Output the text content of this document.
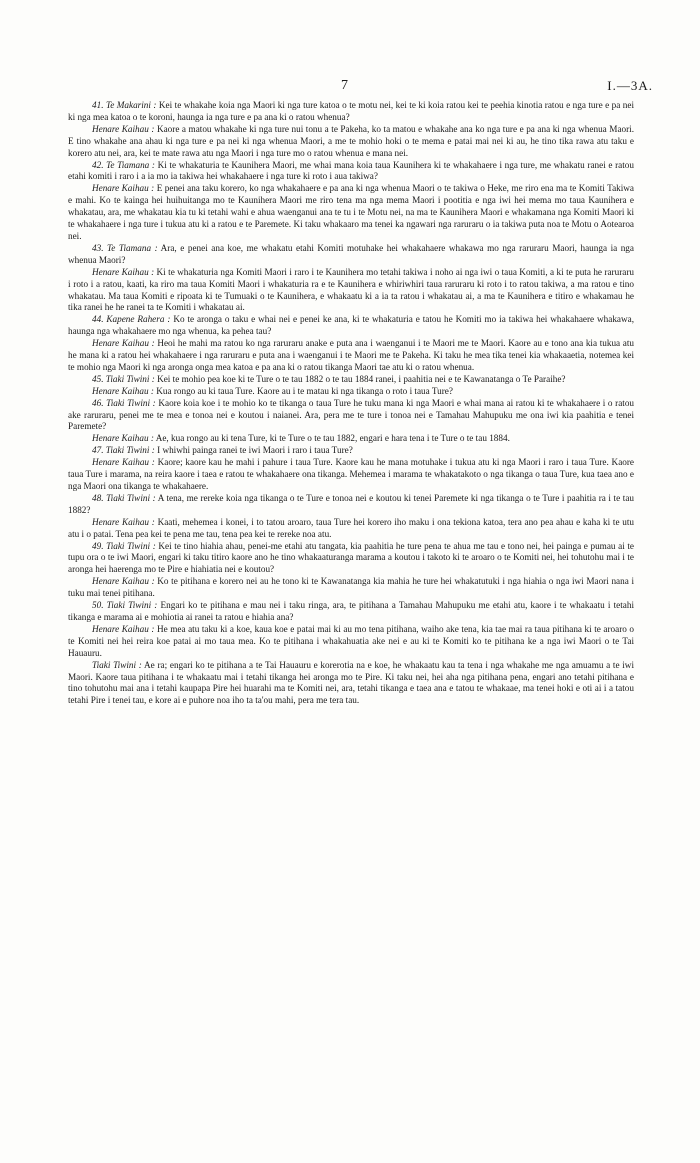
7	I.—3A.

41. Te Makarini : Kei te whakahe koia nga Maori ki nga ture katoa o te motu nei, kei te ki koia ratou kei te peehia kinotia ratou e nga ture e pa nei ki nga mea katoa o te koroni, haunga ia nga ture e pa ana ki o ratou whenua?

Henare Kaihau : Kaore a matou whakahe ki nga ture nui tonu a te Pakeha, ko ta matou e whakahe ana ko nga ture e pa ana ki nga whenua Maori. E tino whakahe ana ahau ki nga ture e pa nei ki nga whenua Maori, a me te mohio hoki o te mema e patai mai nei ki au, he tino tika rawa atu taku e korero atu nei, ara, kei te mate rawa atu nga Maori i nga ture mo o ratou whenua e mana nei.

42. Te Tiamana : Ki te whakaturia te Kaunihera Maori, me whai mana koia taua Kaunihera ki te whakahaere i nga ture, me whakatu ranei e ratou etahi komiti i raro i a ia mo ia takiwa hei whakahaere i nga ture ki roto i aua takiwa?

Henare Kaihau : E penei ana taku korero, ko nga whakahaere e pa ana ki nga whenua Maori o te takiwa o Heke, me riro ena ma te Komiti Takiwa e mahi. Ko te kainga hei huihuitanga mo te Kaunihera Maori me riro tena ma nga mema Maori i pootitia e nga iwi hei mema mo taua Kaunihera e whakatau, ara, me whakatau kia tu ki tetahi wahi e ahua waenganui ana te tu i te Motu nei, na ma te Kaunihera Maori e whakamana nga Komiti Maori ki te whakahaere i nga ture i tukua atu ki a ratou e te Paremete. Ki taku whakaaro ma tenei ka ngawari nga raruraru o ia takiwa puta noa te Motu o Aotearoa nei.

43. Te Tiamana : Ara, e penei ana koe, me whakatu etahi Komiti motuhake hei whakahaere whakawa mo nga raruraru Maori, haunga ia nga whenua Maori?

Henare Kaihau : Ki te whakaturia nga Komiti Maori i raro i te Kaunihera mo tetahi takiwa i noho ai nga iwi o taua Komiti, a ki te puta he raruraru i roto i a ratou, kaati, ka riro ma taua Komiti Maori i whakaturia ra e te Kaunihera e whiriwhiri taua raruraru ki roto i to ratou takiwa, a ma ratou e tino whakatau. Ma taua Komiti e ripoata ki te Tumuaki o te Kaunihera, e whakaatu ki a ia ta ratou i whakatau ai, a ma te Kaunihera e titiro e whakamau he tika ranei he he ranei ta te Komiti i whakatau ai.

44. Kapene Rahera : Ko te aronga o taku e whai nei e penei ke ana, ki te whakaturia e tatou he Komiti mo ia takiwa hei whakahaere whakawa, haunga nga whakahaere mo nga whenua, ka pehea tau?

Henare Kaihau : Heoi he mahi ma ratou ko nga raruraru anake e puta ana i waenganui i te Maori me te Maori. Kaore au e tono ana kia tukua atu he mana ki a ratou hei whakahaere i nga raruraru e puta ana i waenganui i te Maori me te Pakeha. Ki taku he mea tika tenei kia whakaaetia, notemea kei te mohio nga Maori ki nga aronga onga mea katoa e pa ana ki o ratou tikanga Maori tae atu ki o ratou whenua.

45. Tiaki Tiwini : Kei te mohio pea koe ki te Ture o te tau 1882 o te tau 1884 ranei, i paahitia nei e te Kawanatanga o Te Paraihe?

Henare Kaihau : Kua rongo au ki taua Ture. Kaore au i te matau ki nga tikanga o roto i taua Ture?

46. Tiaki Tiwini : Kaore koia koe i te mohio ko te tikanga o taua Ture he tuku mana ki nga Maori e whai mana ai ratou ki te whakahaere i o ratou ake raruraru, penei me te mea e tonoa nei e koutou i naianei. Ara, pera me te ture i tonoa nei e Tamahau Mahupuku me ona iwi kia paahitia e tenei Paremete?

Henare Kaihau : Ae, kua rongo au ki tena Ture, ki te Ture o te tau 1882, engari e hara tena i te Ture o te tau 1884.

47. Tiaki Tiwini : I whiwhi painga ranei te iwi Maori i raro i taua Ture?

Henare Kaihau : Kaore; kaore kau he mahi i pahure i taua Ture. Kaore kau he mana motuhake i tukua atu ki nga Maori i raro i taua Ture. Kaore taua Ture i marama, na reira kaore i taea e ratou te whakahaere ona tikanga. Mehemea i marama te whakatakoto o nga tikanga o taua Ture, kua taea ano e nga Maori ona tikanga te whakahaere.

48. Tiaki Tiwini : A tena, me rereke koia nga tikanga o te Ture e tonoa nei e koutou ki tenei Paremete ki nga tikanga o te Ture i paahitia ra i te tau 1882?

Henare Kaihau : Kaati, mehemea i konei, i to tatou aroaro, taua Ture hei korero iho maku i ona tekiona katoa, tera ano pea ahau e kaha ki te utu atu i o patai. Tena pea kei te pena me tau, tena pea kei te rereke noa atu.

49. Tiaki Tiwini : Kei te tino hiahia ahau, penei-me etahi atu tangata, kia paahitia he ture pena te ahua me tau e tono nei, hei painga e pumau ai te tupu ora o te iwi Maori, engari ki taku titiro kaore ano he tino whakaaturanga marama a koutou i takoto ki te aroaro o te Komiti nei, hei tohutohu mai i te aronga hei haerenga mo te Pire e hiahiatia nei e koutou?

Henare Kaihau : Ko te pitihana e korero nei au he tono ki te Kawanatanga kia mahia he ture hei whakatutuki i nga hiahia o nga iwi Maori nana i tuku mai tenei pitihana.

50. Tiaki Tiwini : Engari ko te pitihana e mau nei i taku ringa, ara, te pitihana a Tamahau Mahupuku me etahi atu, kaore i te whakaatu i tetahi tikanga e marama ai e mohiotia ai ranei ta ratou e hiahia ana?

Henare Kaihau : He mea atu taku ki a koe, kaua koe e patai mai ki au mo tena pitihana, waiho ake tena, kia tae mai ra taua pitihana ki te aroaro o te Komiti nei hei reira koe patai ai mo taua mea. Ko te pitihana i whakahuatia ake nei e au ki te Komiti ko te pitihana ke a nga iwi Maori o te Tai Hauauru.

Tiaki Tiwini : Ae ra; engari ko te pitihana a te Tai Hauauru e korerotia na e koe, he whakaatu kau ta tena i nga whakahe me nga amuamu a te iwi Maori. Kaore taua pitihana i te whakaatu mai i tetahi tikanga hei aronga mo te Pire. Ki taku nei, hei aha nga pitihana pena, engari ano tetahi pitihana e tino tohutohu mai ana i tetahi kaupapa Pire hei huarahi ma te Komiti nei, ara, tetahi tikanga e taea ana e tatou te whakaae, ma tenei hoki e oti ai i a tatou tetahi Pire i tenei tau, e kore ai e puhore noa iho ta ta'ou mahi, pera me tera tau.
